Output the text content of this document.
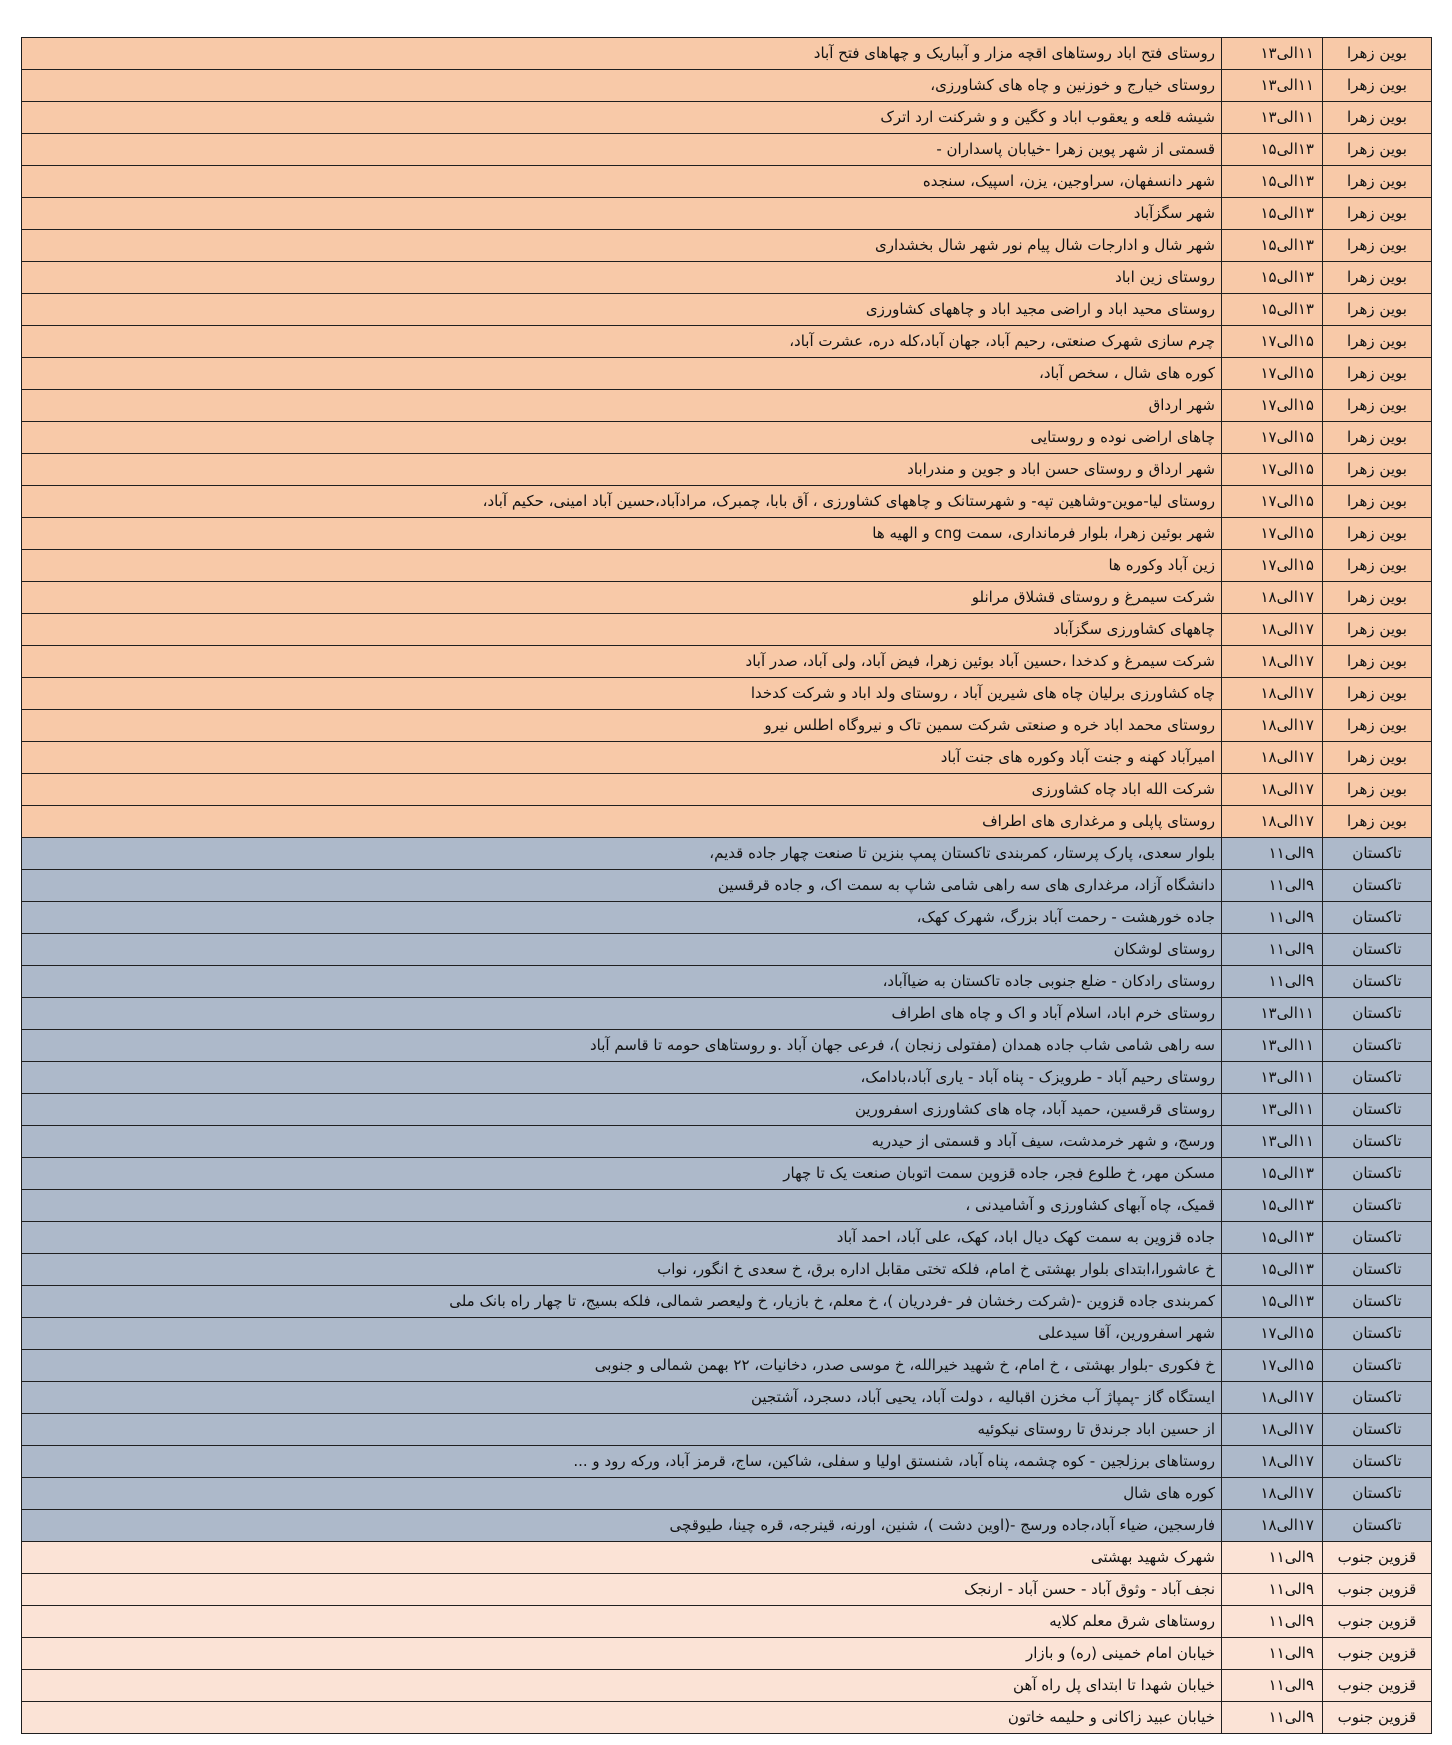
بوین زهرا	۱۱الی۱۳	روستای فتح اباد روستاهای اقچه مزار و آبباریک و چهاهای فتح آباد
بوین زهرا	۱۱الی۱۳	روستای خیارج و خوزنین و چاه های کشاورزی،
بوین زهرا	۱۱الی۱۳	شیشه قلعه و یعقوب اباد و کگین و و شرکنت ارد اترک
بوین زهرا	۱۳الی۱۵	قسمتی از شهر پوین زهرا -خیابان پاسداران -
بوین زهرا	۱۳الی۱۵	شهر دانسفهان، سراوجین، یزن، اسپیک، سنجده
بوین زهرا	۱۳الی۱۵	شهر سگزآباد
بوین زهرا	۱۳الی۱۵	شهر شال و ادارجات شال پیام نور شهر شال بخشداری
بوین زهرا	۱۳الی۱۵	روستای زین اباد
بوین زهرا	۱۳الی۱۵	روستای محید اباد و اراضی مجید اباد و چاههای کشاورزی
بوین زهرا	۱۵الی۱۷	چرم سازی شهرک صنعتی، رحیم آباد، جهان آباد،کله دره، عشرت آباد،
بوین زهرا	۱۵الی۱۷	کوره های شال ، سخص آباد،
بوین زهرا	۱۵الی۱۷	شهر ارداق
بوین زهرا	۱۵الی۱۷	چاهای اراضی نوده و روستایی
بوین زهرا	۱۵الی۱۷	شهر ارداق و روستای حسن اباد و جوین و مندراباد
بوین زهرا	۱۵الی۱۷	روستای لیا-موین-وشاهین تپه- و شهرستانک و چاههای کشاورزی ، آق بابا، چمبرک، مرادآباد،حسین آباد امینی، حکیم آباد،
بوین زهرا	۱۵الی۱۷	شهر بوئین زهرا، بلوار فرمانداری، سمت cng و الهیه ها
بوین زهرا	۱۵الی۱۷	زین آباد وکوره ها
بوین زهرا	۱۷الی۱۸	شرکت سیمرغ و روستای قشلاق مرانلو
بوین زهرا	۱۷الی۱۸	چاههای کشاورزی سگزآباد
بوین زهرا	۱۷الی۱۸	شرکت سیمرغ و کدخدا ،حسین آباد بوئین زهرا، فیض آباد، ولی آباد، صدر آباد
بوین زهرا	۱۷الی۱۸	چاه کشاورزی برلیان چاه های شیرین آباد ، روستای ولد اباد و شرکت کدخدا
بوین زهرا	۱۷الی۱۸	روستای محمد اباد خره و صنعتی شرکت سمین تاک و نیروگاه اطلس نیرو
بوین زهرا	۱۷الی۱۸	امیرآباد کهنه و جنت آباد وکوره های جنت آباد
بوین زهرا	۱۷الی۱۸	شرکت الله اباد چاه کشاورزی
بوین زهرا	۱۷الی۱۸	روستای پاپلی و مرغداری های اطراف
تاکستان	۹الی۱۱	بلوار سعدی، پارک پرستار، کمربندی تاکستان پمپ بنزین تا صنعت چهار جاده قدیم،
تاکستان	۹الی۱۱	دانشگاه آزاد، مرغداری های سه راهی شامی شاپ به سمت اک، و جاده قرقسین
تاکستان	۹الی۱۱	جاده خورهشت - رحمت آباد بزرگ، شهرک کهک،
تاکستان	۹الی۱۱	روستای لوشکان
تاکستان	۹الی۱۱	روستای رادکان - ضلع جنوبی جاده تاکستان به ضیاآباد،
تاکستان	۱۱الی۱۳	روستای خرم اباد، اسلام آباد و اک و چاه های اطراف
تاکستان	۱۱الی۱۳	سه راهی شامی شاب جاده همدان (مفتولی زنجان )، فرعی جهان آباد .و روستاهای حومه تا قاسم آباد
تاکستان	۱۱الی۱۳	روستای رحیم آباد - طرویزک - پناه آباد - یاری آباد،بادامک،
تاکستان	۱۱الی۱۳	روستای قرقسین، حمید آباد، چاه های کشاورزی اسفرورین
تاکستان	۱۱الی۱۳	ورسج، و شهر خرمدشت، سیف آباد و قسمتی از حیدریه
تاکستان	۱۳الی۱۵	مسکن مهر، خ طلوع فجر، جاده قزوین سمت اتوبان صنعت یک تا چهار
تاکستان	۱۳الی۱۵	قمیک، چاه آبهای کشاورزی و آشامیدنی ،
تاکستان	۱۳الی۱۵	جاده قزوین به سمت کهک دیال اباد، کهک، علی آباد، احمد آباد
تاکستان	۱۳الی۱۵	خ عاشورا،ابتدای بلوار بهشتی خ امام، فلکه تختی مقابل اداره برق، خ سعدی خ انگور، نواب
تاکستان	۱۳الی۱۵	کمربندی جاده قزوین -(شرکت رخشان فر -فردریان )، خ معلم، خ بازیار، خ ولیعصر شمالی، فلکه بسیج، تا چهار راه بانک ملی
تاکستان	۱۵الی۱۷	شهر اسفرورین، آقا سیدعلی
تاکستان	۱۵الی۱۷	خ فکوری -بلوار بهشتی ، خ امام، خ شهید خیرالله، خ موسی صدر، دخانیات، ۲۲ بهمن شمالی و جنوبی
تاکستان	۱۷الی۱۸	ایستگاه گاز -پمپاژ آب مخزن اقبالیه ، دولت آباد، یحیی آباد، دسجرد، آشتجین
تاکستان	۱۷الی۱۸	از حسین اباد جرندق تا روستای نیکوئیه
تاکستان	۱۷الی۱۸	روستاهای برزلجین - کوه چشمه، پناه آباد، شنستق اولیا و سفلی، شاکین، ساج، قرمز آباد، ورکه رود و ...
تاکستان	۱۷الی۱۸	کوره های شال
تاکستان	۱۷الی۱۸	فارسجین، ضیاء آباد،جاده ورسج -(اوین دشت )، شنین، اورنه، قینرجه، قره چینا، طیوقچی
قزوین جنوب	۹الی۱۱	شهرک شهید بهشتی
قزوین جنوب	۹الی۱۱	نجف آباد - وثوق آباد - حسن آباد - ارنجک
قزوین جنوب	۹الی۱۱	روستاهای شرق معلم کلایه
قزوین جنوب	۹الی۱۱	خیابان امام خمینی (ره) و بازار
قزوین جنوب	۹الی۱۱	خیابان شهدا تا ابتدای پل راه آهن
قزوین جنوب	۹الی۱۱	خیابان عبید زاکانی و حلیمه خاتون
